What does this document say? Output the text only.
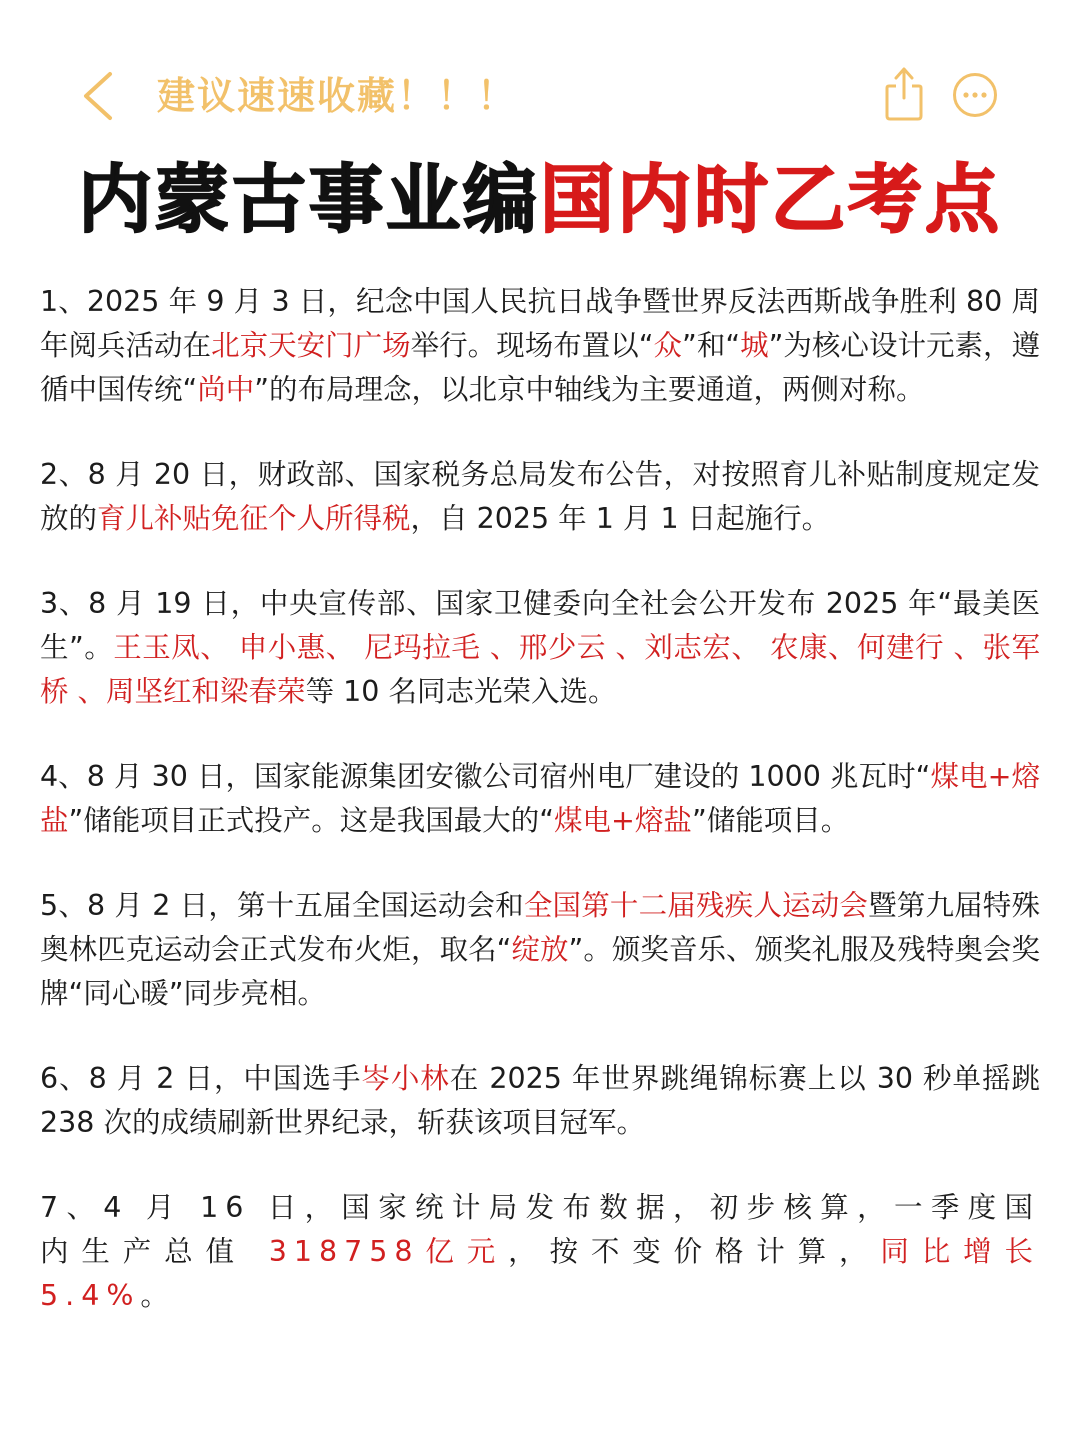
建议速速收藏！！！
内蒙古事业编国内时乙考点

1、2025 年 9 月 3 日，纪念中国人民抗日战争暨世界反法西斯战争胜利 80 周年阅兵活动在北京天安门广场举行。现场布置以“众”和“城”为核心设计元素，遵循中国传统“尚中”的布局理念，以北京中轴线为主要通道，两侧对称。

2、8 月 20 日，财政部、国家税务总局发布公告，对按照育儿补贴制度规定发放的育儿补贴免征个人所得税，自 2025 年 1 月 1 日起施行。

3、8 月 19 日，中央宣传部、国家卫健委向全社会公开发布 2025 年“最美医生”。王玉凤、 申小惠、 尼玛拉毛 、邢少云 、刘志宏、 农康、何建行 、张军桥 、周坚红和梁春荣等 10 名同志光荣入选。

4、8 月 30 日，国家能源集团安徽公司宿州电厂建设的 1000 兆瓦时“煤电+熔盐”储能项目正式投产。这是我国最大的“煤电+熔盐”储能项目。

5、8 月 2 日，第十五届全国运动会和全国第十二届残疾人运动会暨第九届特殊奥林匹克运动会正式发布火炬，取名“绽放”。颁奖音乐、颁奖礼服及残特奥会奖牌“同心暖”同步亮相。

6、8 月 2 日，中国选手岑小林在 2025 年世界跳绳锦标赛上以 30 秒单摇跳 238 次的成绩刷新世界纪录，斩获该项目冠军。

7、4 月 16 日，国家统计局发布数据，初步核算，一季度国内生产总值 318758亿元，按不变价格计算，同比增长 5.4%。
